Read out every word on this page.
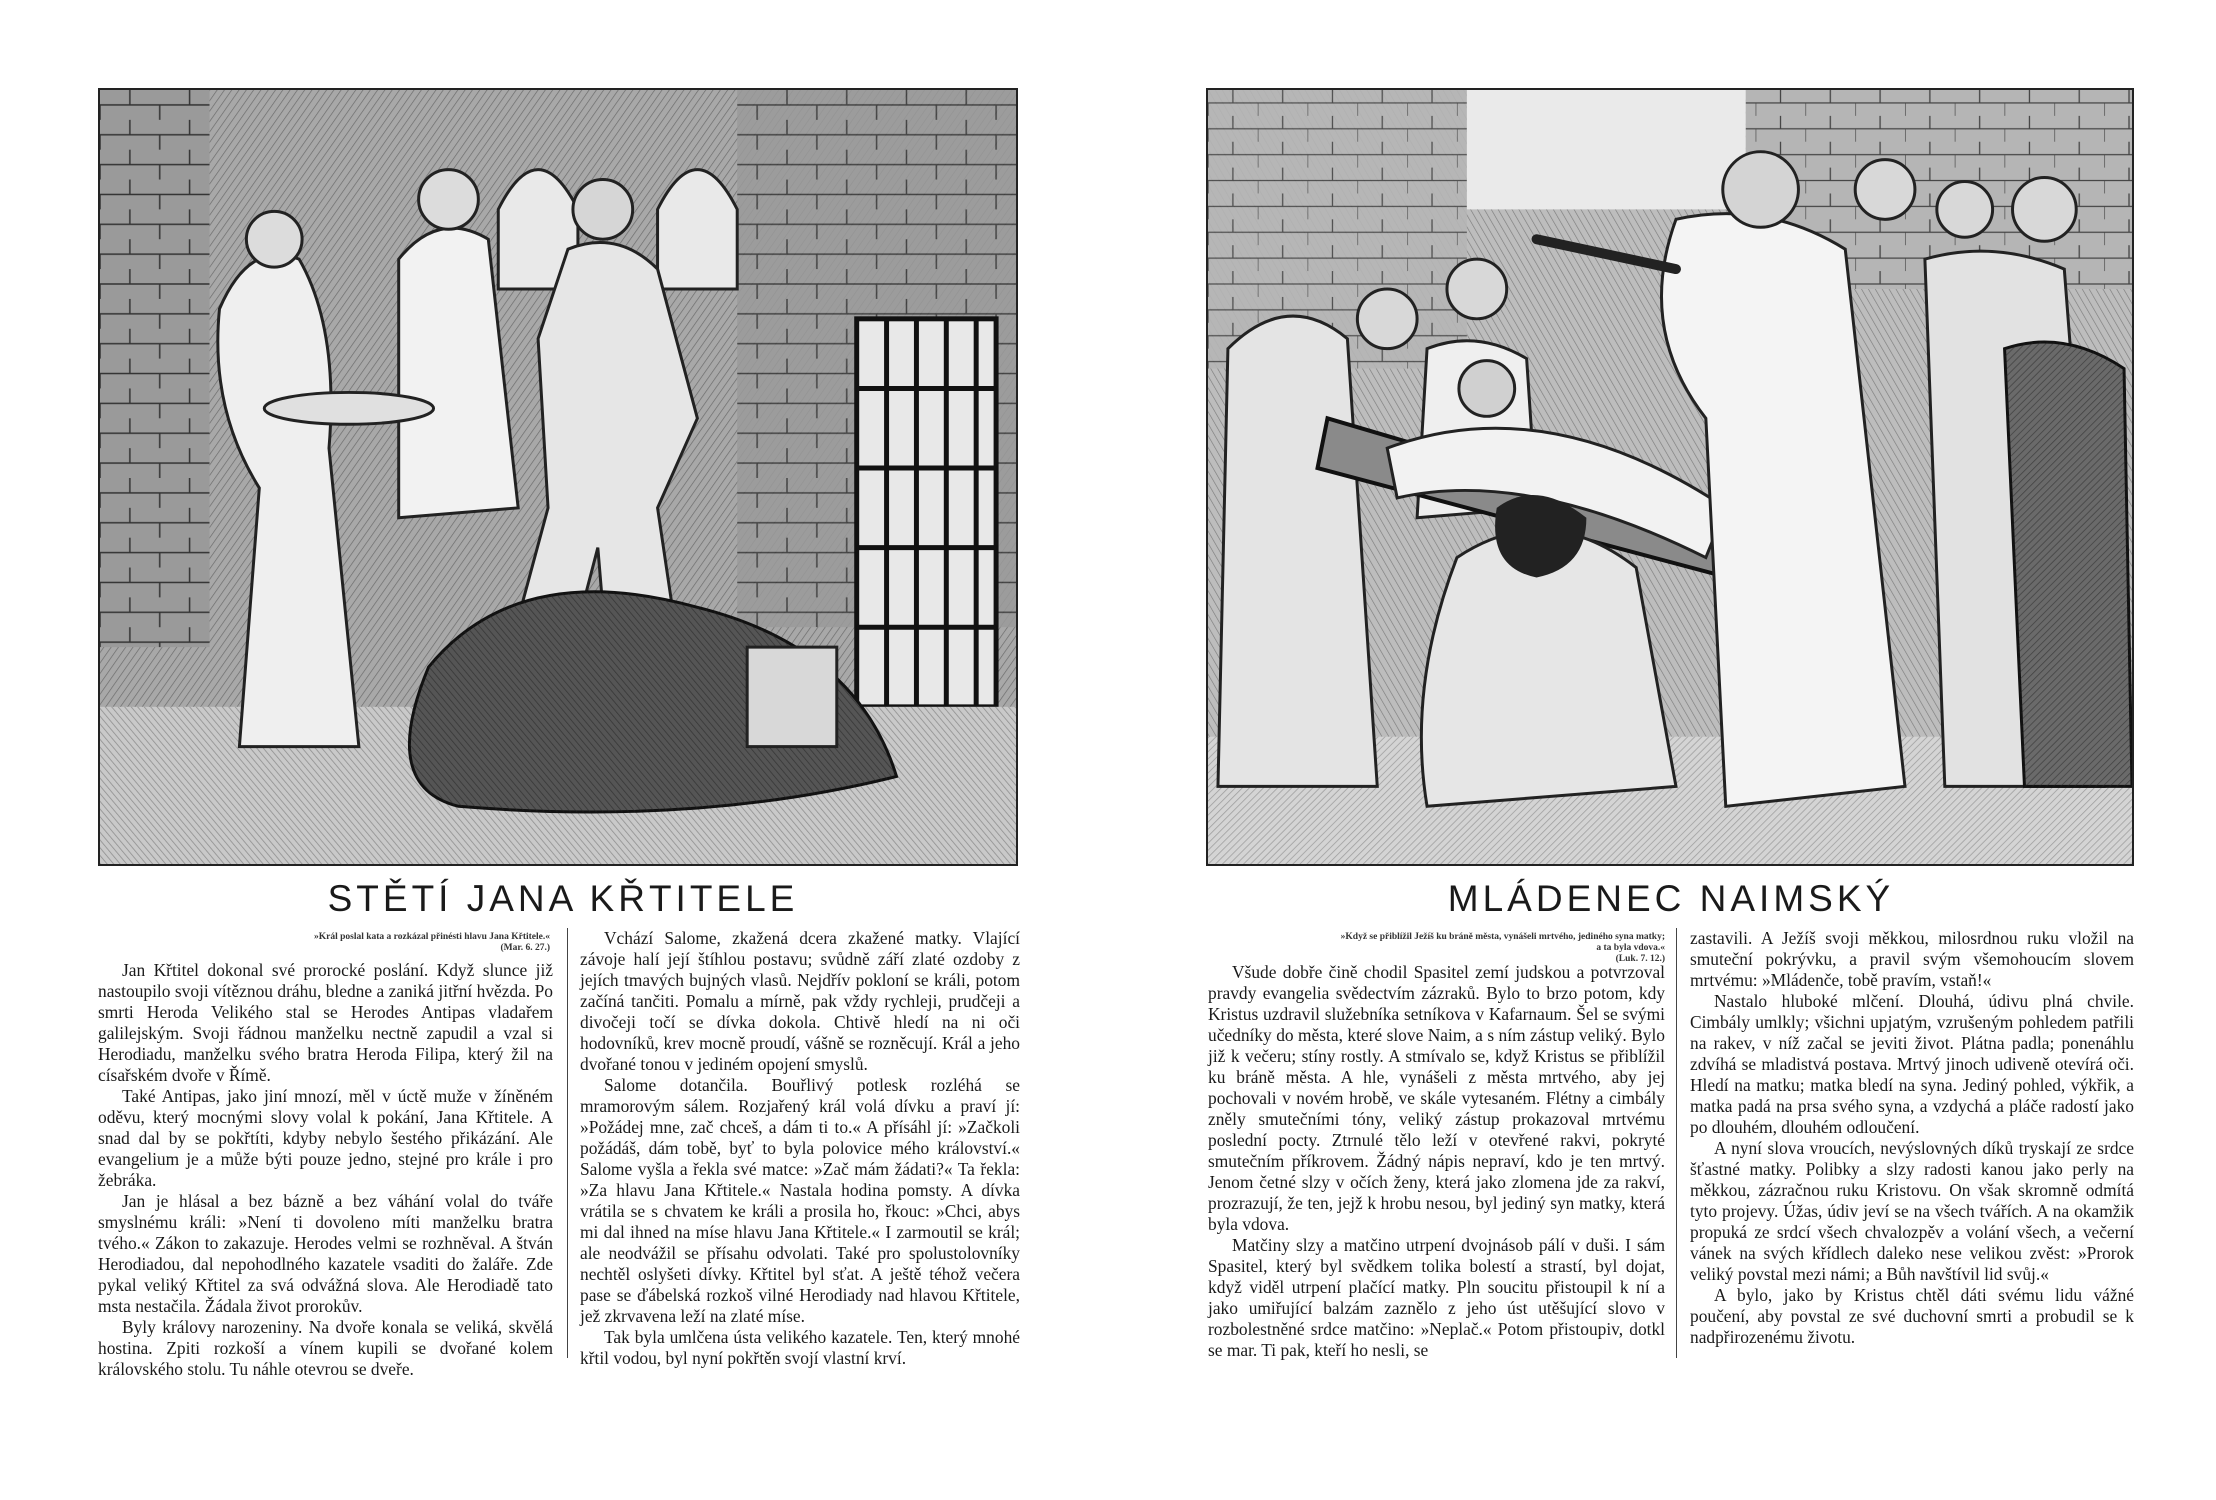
STĚTÍ JANA KŘTITELE
»Král poslal kata a rozkázal přinésti hlavu Jana Křtitele.«
(Mar. 6. 27.)

Jan Křtitel dokonal své prorocké poslání. Když slunce již nastoupilo svoji vítěznou dráhu, bledne a zaniká jitřní hvězda. Po smrti Heroda Velikého stal se Herodes Antipas vladařem galilejským. Svoji řádnou manželku nectně zapudil a vzal si Herodiadu, manželku svého bratra Heroda Filipa, který žil na císařském dvoře v Římě.

Také Antipas, jako jiní mnozí, měl v úctě muže v žíněném oděvu, který mocnými slovy volal k pokání, Jana Křtitele. A snad dal by se pokřtíti, kdyby nebylo šestého přikázání. Ale evangelium je a může býti pouze jedno, stejné pro krále i pro žebráka.

Jan je hlásal a bez bázně a bez váhání volal do tváře smyslnému králi: »Není ti dovoleno míti manželku bratra tvého.« Zákon to zakazuje. Herodes velmi se rozhněval. A štván Herodiadou, dal nepohodlného kazatele vsaditi do žaláře. Zde pykal veliký Křtitel za svá odvážná slova. Ale Herodiadě tato msta nestačila. Žádala život prorokův.

Byly královy narozeniny. Na dvoře konala se veliká, skvělá hostina. Zpiti rozkoší a vínem kupili se dvořané kolem královského stolu. Tu náhle otevrou se dveře.

Vchází Salome, zkažená dcera zkažené matky. Vlající závoje halí její štíhlou postavu; svůdně září zlaté ozdoby z jejích tmavých bujných vlasů. Nejdřív pokloní se králi, potom začíná tančiti. Pomalu a mírně, pak vždy rychleji, prudčeji a divočeji točí se dívka dokola. Chtivě hledí na ni oči hodovníků, krev mocně proudí, vášně se rozněcují. Král a jeho dvořané tonou v jediném opojení smyslů.

Salome dotančila. Bouřlivý potlesk rozléhá se mramorovým sálem. Rozjařený král volá dívku a praví jí: »Požádej mne, zač chceš, a dám ti to.« A přísáhl jí: »Začkoli požádáš, dám tobě, byť to byla polovice mého království.« Salome vyšla a řekla své matce: »Zač mám žádati?« Ta řekla: »Za hlavu Jana Křtitele.« Nastala hodina pomsty. A dívka vrátila se s chvatem ke králi a prosila ho, řkouc: »Chci, abys mi dal ihned na míse hlavu Jana Křtitele.« I zarmoutil se král; ale neodvážil se přísahu odvolati. Také pro spolustolovníky nechtěl oslyšeti dívky. Křtitel byl sťat. A ještě téhož večera pase se ďábelská rozkoš vilné Herodiady nad hlavou Křtitele, jež zkrvavena leží na zlaté míse.

Tak byla umlčena ústa velikého kazatele. Ten, který mnohé křtil vodou, byl nyní pokřtěn svojí vlastní krví.

MLÁDENEC NAIMSKÝ
»Když se přiblížil Ježíš ku bráně města, vynášeli mrtvého, jediného syna matky; a ta byla vdova.«
(Luk. 7. 12.)

Všude dobře čině chodil Spasitel zemí judskou a potvrzoval pravdy evangelia svědectvím zázraků. Bylo to brzo potom, kdy Kristus uzdravil služebníka setníkova v Kafarnaum. Šel se svými učedníky do města, které slove Naim, a s ním zástup veliký. Bylo již k večeru; stíny rostly. A stmívalo se, když Kristus se přiblížil ku bráně města. A hle, vynášeli z města mrtvého, aby jej pochovali v novém hrobě, ve skále vytesaném. Flétny a cimbály zněly smutečními tóny, veliký zástup prokazoval mrtvému poslední pocty. Ztrnulé tělo leží v otevřené rakvi, pokryté smutečním příkrovem. Žádný nápis nepraví, kdo je ten mrtvý. Jenom četné slzy v očích ženy, která jako zlomena jde za rakví, prozrazují, že ten, jejž k hrobu nesou, byl jediný syn matky, která byla vdova.

Matčiny slzy a matčino utrpení dvojnásob pálí v duši. I sám Spasitel, který byl svědkem tolika bolestí a strastí, byl dojat, když viděl utrpení plačící matky. Pln soucitu přistoupil k ní a jako umiřující balzám zaznělo z jeho úst utěšující slovo v rozbolestněné srdce matčino: »Neplač.« Potom přistoupiv, dotkl se mar. Ti pak, kteří ho nesli, se

zastavili. A Ježíš svoji měkkou, milosrdnou ruku vložil na smuteční pokrývku, a pravil svým všemohoucím slovem mrtvému: »Mládenče, tobě pravím, vstaň!«

Nastalo hluboké mlčení. Dlouhá, údivu plná chvile. Cimbály umlkly; všichni upjatým, vzrušeným pohledem patřili na rakev, v níž začal se jeviti život. Plátna padla; ponenáhlu zdvíhá se mladistvá postava. Mrtvý jinoch udiveně otevírá oči. Hledí na matku; matka bledí na syna. Jediný pohled, výkřik, a matka padá na prsa svého syna, a vzdychá a pláče radostí jako po dlouhém, dlouhém odloučení.

A nyní slova vroucích, nevýslovných díků tryskají ze srdce šťastné matky. Polibky a slzy radosti kanou jako perly na měkkou, zázračnou ruku Kristovu. On však skromně odmítá tyto projevy. Úžas, údiv jeví se na všech tvářích. A na okamžik propuká ze srdcí všech chvalozpěv a volání všech, a večerní vánek na svých křídlech daleko nese velikou zvěst: »Prorok veliký povstal mezi námi; a Bůh navštívil lid svůj.«

A bylo, jako by Kristus chtěl dáti svému lidu vážné poučení, aby povstal ze své duchovní smrti a probudil se k nadpřirozenému životu.
